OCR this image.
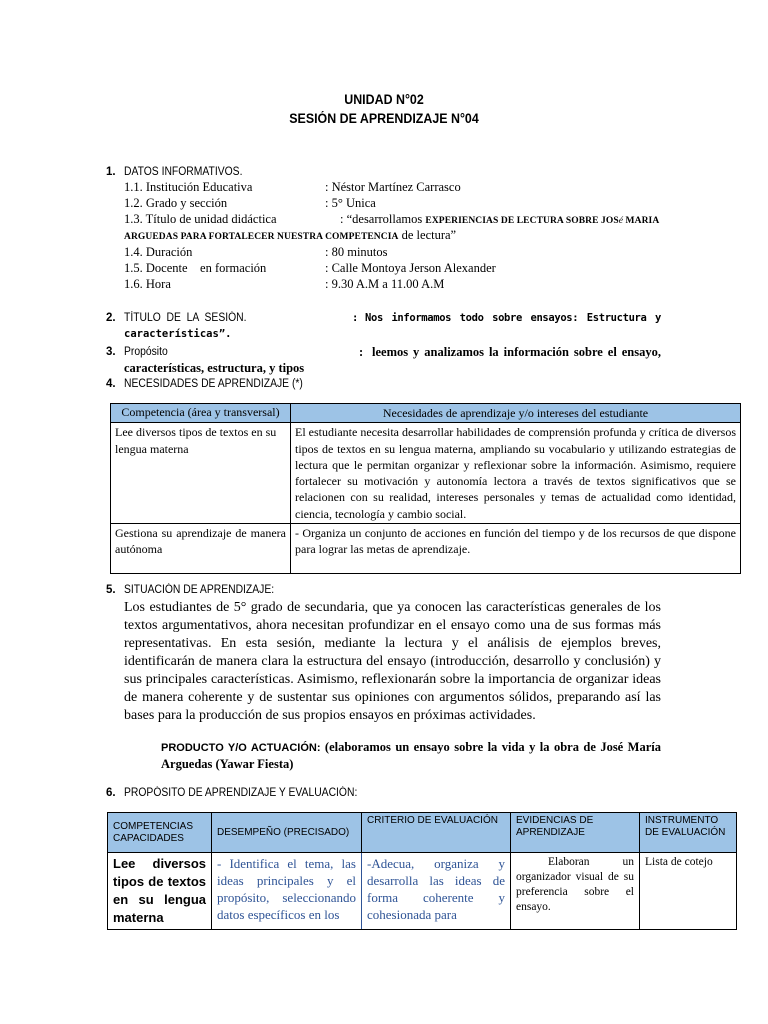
UNIDAD N°02
SESIÓN DE APRENDIZAJE N°04
1. DATOS INFORMATIVOS.
1.1. Institución Educativa	: Néstor Martínez Carrasco
1.2. Grado y sección	: 5° Unica
1.3. Título de unidad didáctica	: “desarrollamos EXPERIENCIAS DE LECTURA SOBRE JOSé MARIA
ARGUEDAS PARA FORTALECER NUESTRA COMPETENCIA de lectura”
1.4. Duración	: 80 minutos
1.5. Docente    en formación	: Calle Montoya Jerson Alexander
1.6. Hora	: 9.30 A.M a 11.00 A.M
2. TÍTULO  DE  LA  SESIÓN.	: Nos informamos todo sobre ensayos: Estructura y
características”.
3. Propósito	: leemos y analizamos la información sobre el ensayo,
características, estructura, y tipos
4. NECESIDADES DE APRENDIZAJE (*)
Competencia (área y transversal)	Necesidades de aprendizaje y/o intereses del estudiante
Lee diversos tipos de textos en su lengua materna	El estudiante necesita desarrollar habilidades de comprensión profunda y crítica de diversos tipos de textos en su lengua materna, ampliando su vocabulario y utilizando estrategias de lectura que le permitan organizar y reflexionar sobre la información. Asimismo, requiere fortalecer su motivación y autonomía lectora a través de textos significativos que se relacionen con su realidad, intereses personales y temas de actualidad como identidad, ciencia, tecnología y cambio social.
Gestiona su aprendizaje de manera autónoma	- Organiza un conjunto de acciones en función del tiempo y de los recursos de que dispone para lograr las metas de aprendizaje.
5. SITUACIÓN DE APRENDIZAJE:
Los estudiantes de 5° grado de secundaria, que ya conocen las características generales de los textos argumentativos, ahora necesitan profundizar en el ensayo como una de sus formas más representativas. En esta sesión, mediante la lectura y el análisis de ejemplos breves, identificarán de manera clara la estructura del ensayo (introducción, desarrollo y conclusión) y sus principales características. Asimismo, reflexionarán sobre la importancia de organizar ideas de manera coherente y de sustentar sus opiniones con argumentos sólidos, preparando así las bases para la producción de sus propios ensayos en próximas actividades.
PRODUCTO Y/O ACTUACIÓN: (elaboramos un ensayo sobre la vida y la obra de José María Arguedas (Yawar Fiesta)
6. PROPÓSITO DE APRENDIZAJE Y EVALUACIÓN:
COMPETENCIAS CAPACIDADES	DESEMPEÑO (PRECISADO)	CRITERIO DE EVALUACIÓN	EVIDENCIAS DE APRENDIZAJE	INSTRUMENTO DE EVALUACIÓN
Lee diversos tipos de textos en su lengua materna	- Identifica el tema, las ideas principales y el propósito, seleccionando datos específicos en los	-Adecua, organiza y desarrolla las ideas de forma coherente y cohesionada para	Elaboran un organizador visual de su preferencia sobre el ensayo.	Lista de cotejo
